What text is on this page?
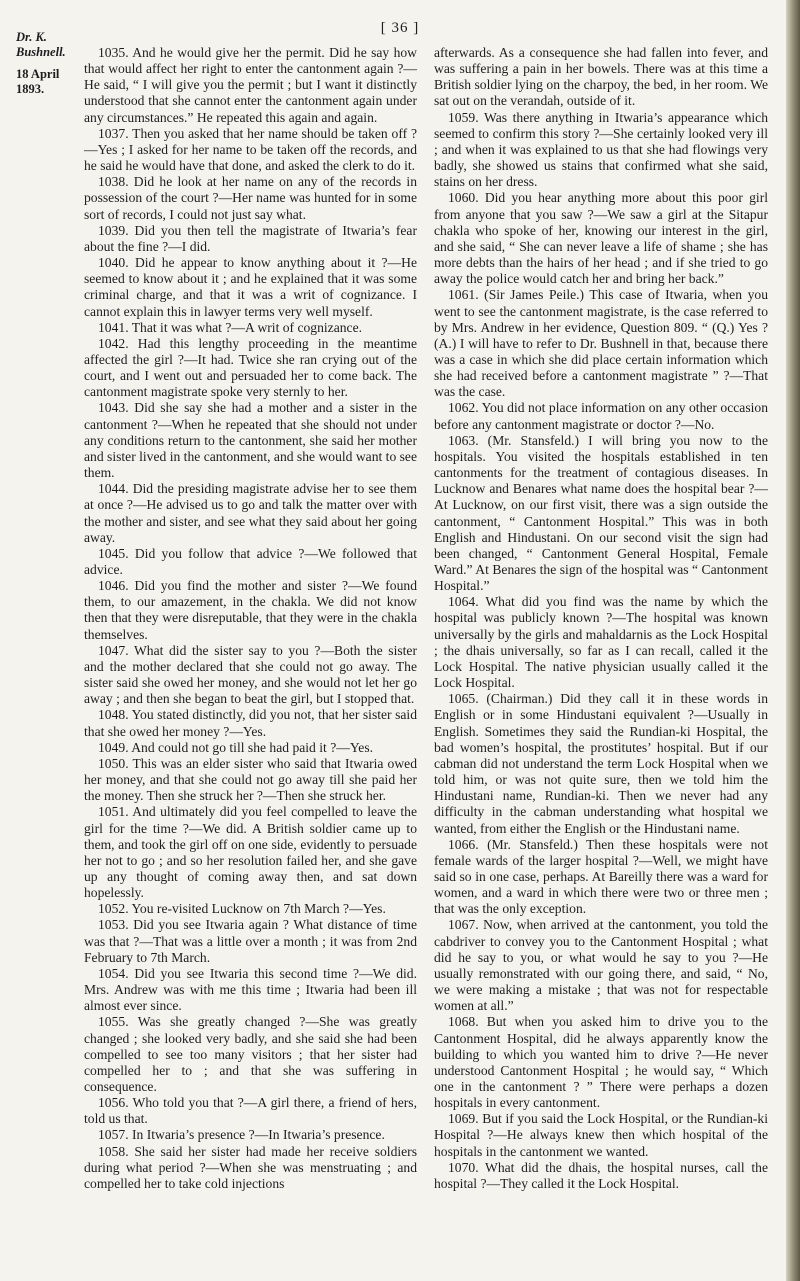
[ 36 ]
Dr. K. Bushnell.
18 April 1893.

1035. And he would give her the permit. Did he say how that would affect her right to enter the cantonment again ?—He said, “ I will give you the permit ; but I want it distinctly understood that she cannot enter the cantonment again under any circumstances.” He repeated this again and again.

1037. Then you asked that her name should be taken off ?—Yes ; I asked for her name to be taken off the records, and he said he would have that done, and asked the clerk to do it.

1038. Did he look at her name on any of the records in possession of the court ?—Her name was hunted for in some sort of records, I could not just say what.

1039. Did you then tell the magistrate of Itwaria’s fear about the fine ?—I did.

1040. Did he appear to know anything about it ?—He seemed to know about it ; and he explained that it was some criminal charge, and that it was a writ of cognizance. I cannot explain this in lawyer terms very well myself.

1041. That it was what ?—A writ of cognizance.

1042. Had this lengthy proceeding in the meantime affected the girl ?—It had. Twice she ran crying out of the court, and I went out and persuaded her to come back. The cantonment magistrate spoke very sternly to her.

1043. Did she say she had a mother and a sister in the cantonment ?—When he repeated that she should not under any conditions return to the cantonment, she said her mother and sister lived in the cantonment, and she would want to see them.

1044. Did the presiding magistrate advise her to see them at once ?—He advised us to go and talk the matter over with the mother and sister, and see what they said about her going away.

1045. Did you follow that advice ?—We followed that advice.

1046. Did you find the mother and sister ?—We found them, to our amazement, in the chakla. We did not know then that they were disreputable, that they were in the chakla themselves.

1047. What did the sister say to you ?—Both the sister and the mother declared that she could not go away. The sister said she owed her money, and she would not let her go away ; and then she began to beat the girl, but I stopped that.

1048. You stated distinctly, did you not, that her sister said that she owed her money ?—Yes.

1049. And could not go till she had paid it ?—Yes.

1050. This was an elder sister who said that Itwaria owed her money, and that she could not go away till she paid her the money. Then she struck her ?—Then she struck her.

1051. And ultimately did you feel compelled to leave the girl for the time ?—We did. A British soldier came up to them, and took the girl off on one side, evidently to persuade her not to go ; and so her resolution failed her, and she gave up any thought of coming away then, and sat down hopelessly.

1052. You re-visited Lucknow on 7th March ?—Yes.

1053. Did you see Itwaria again ? What distance of time was that ?—That was a little over a month ; it was from 2nd February to 7th March.

1054. Did you see Itwaria this second time ?—We did. Mrs. Andrew was with me this time ; Itwaria had been ill almost ever since.

1055. Was she greatly changed ?—She was greatly changed ; she looked very badly, and she said she had been compelled to see too many visitors ; that her sister had compelled her to ; and that she was suffering in consequence.

1056. Who told you that ?—A girl there, a friend of hers, told us that.

1057. In Itwaria’s presence ?—In Itwaria’s presence.

1058. She said her sister had made her receive soldiers during what period ?—When she was menstruating ; and compelled her to take cold injections

afterwards. As a consequence she had fallen into fever, and was suffering a pain in her bowels. There was at this time a British soldier lying on the charpoy, the bed, in her room. We sat out on the verandah, outside of it.

1059. Was there anything in Itwaria’s appearance which seemed to confirm this story ?—She certainly looked very ill ; and when it was explained to us that she had flowings very badly, she showed us stains that confirmed what she said, stains on her dress.

1060. Did you hear anything more about this poor girl from anyone that you saw ?—We saw a girl at the Sitapur chakla who spoke of her, knowing our interest in the girl, and she said, “ She can never leave a life of shame ; she has more debts than the hairs of her head ; and if she tried to go away the police would catch her and bring her back.”

1061. (Sir James Peile.) This case of Itwaria, when you went to see the cantonment magistrate, is the case referred to by Mrs. Andrew in her evidence, Question 809. “ (Q.) Yes ? (A.) I will have to refer to Dr. Bushnell in that, because there was a case in which she did place certain information which she had received before a cantonment magistrate ” ?—That was the case.

1062. You did not place information on any other occasion before any cantonment magistrate or doctor ?—No.

1063. (Mr. Stansfeld.) I will bring you now to the hospitals. You visited the hospitals established in ten cantonments for the treatment of contagious diseases. In Lucknow and Benares what name does the hospital bear ?—At Lucknow, on our first visit, there was a sign outside the cantonment, “ Cantonment Hospital.” This was in both English and Hindustani. On our second visit the sign had been changed, “ Cantonment General Hospital, Female Ward.” At Benares the sign of the hospital was “ Cantonment Hospital.”

1064. What did you find was the name by which the hospital was publicly known ?—The hospital was known universally by the girls and mahaldarnis as the Lock Hospital ; the dhais universally, so far as I can recall, called it the Lock Hospital. The native physician usually called it the Lock Hospital.

1065. (Chairman.) Did they call it in these words in English or in some Hindustani equivalent ?—Usually in English. Sometimes they said the Rundian-ki Hospital, the bad women’s hospital, the prostitutes’ hospital. But if our cabman did not understand the term Lock Hospital when we told him, or was not quite sure, then we told him the Hindustani name, Rundian-ki. Then we never had any difficulty in the cabman understanding what hospital we wanted, from either the English or the Hindustani name.

1066. (Mr. Stansfeld.) Then these hospitals were not female wards of the larger hospital ?—Well, we might have said so in one case, perhaps. At Bareilly there was a ward for women, and a ward in which there were two or three men ; that was the only exception.

1067. Now, when arrived at the cantonment, you told the cabdriver to convey you to the Cantonment Hospital ; what did he say to you, or what would he say to you ?—He usually remonstrated with our going there, and said, “ No, we were making a mistake ; that was not for respectable women at all.”

1068. But when you asked him to drive you to the Cantonment Hospital, did he always apparently know the building to which you wanted him to drive ?—He never understood Cantonment Hospital ; he would say, “ Which one in the cantonment ? ” There were perhaps a dozen hospitals in every cantonment.

1069. But if you said the Lock Hospital, or the Rundian-ki Hospital ?—He always knew then which hospital of the hospitals in the cantonment we wanted.

1070. What did the dhais, the hospital nurses, call the hospital ?—They called it the Lock Hospital.
